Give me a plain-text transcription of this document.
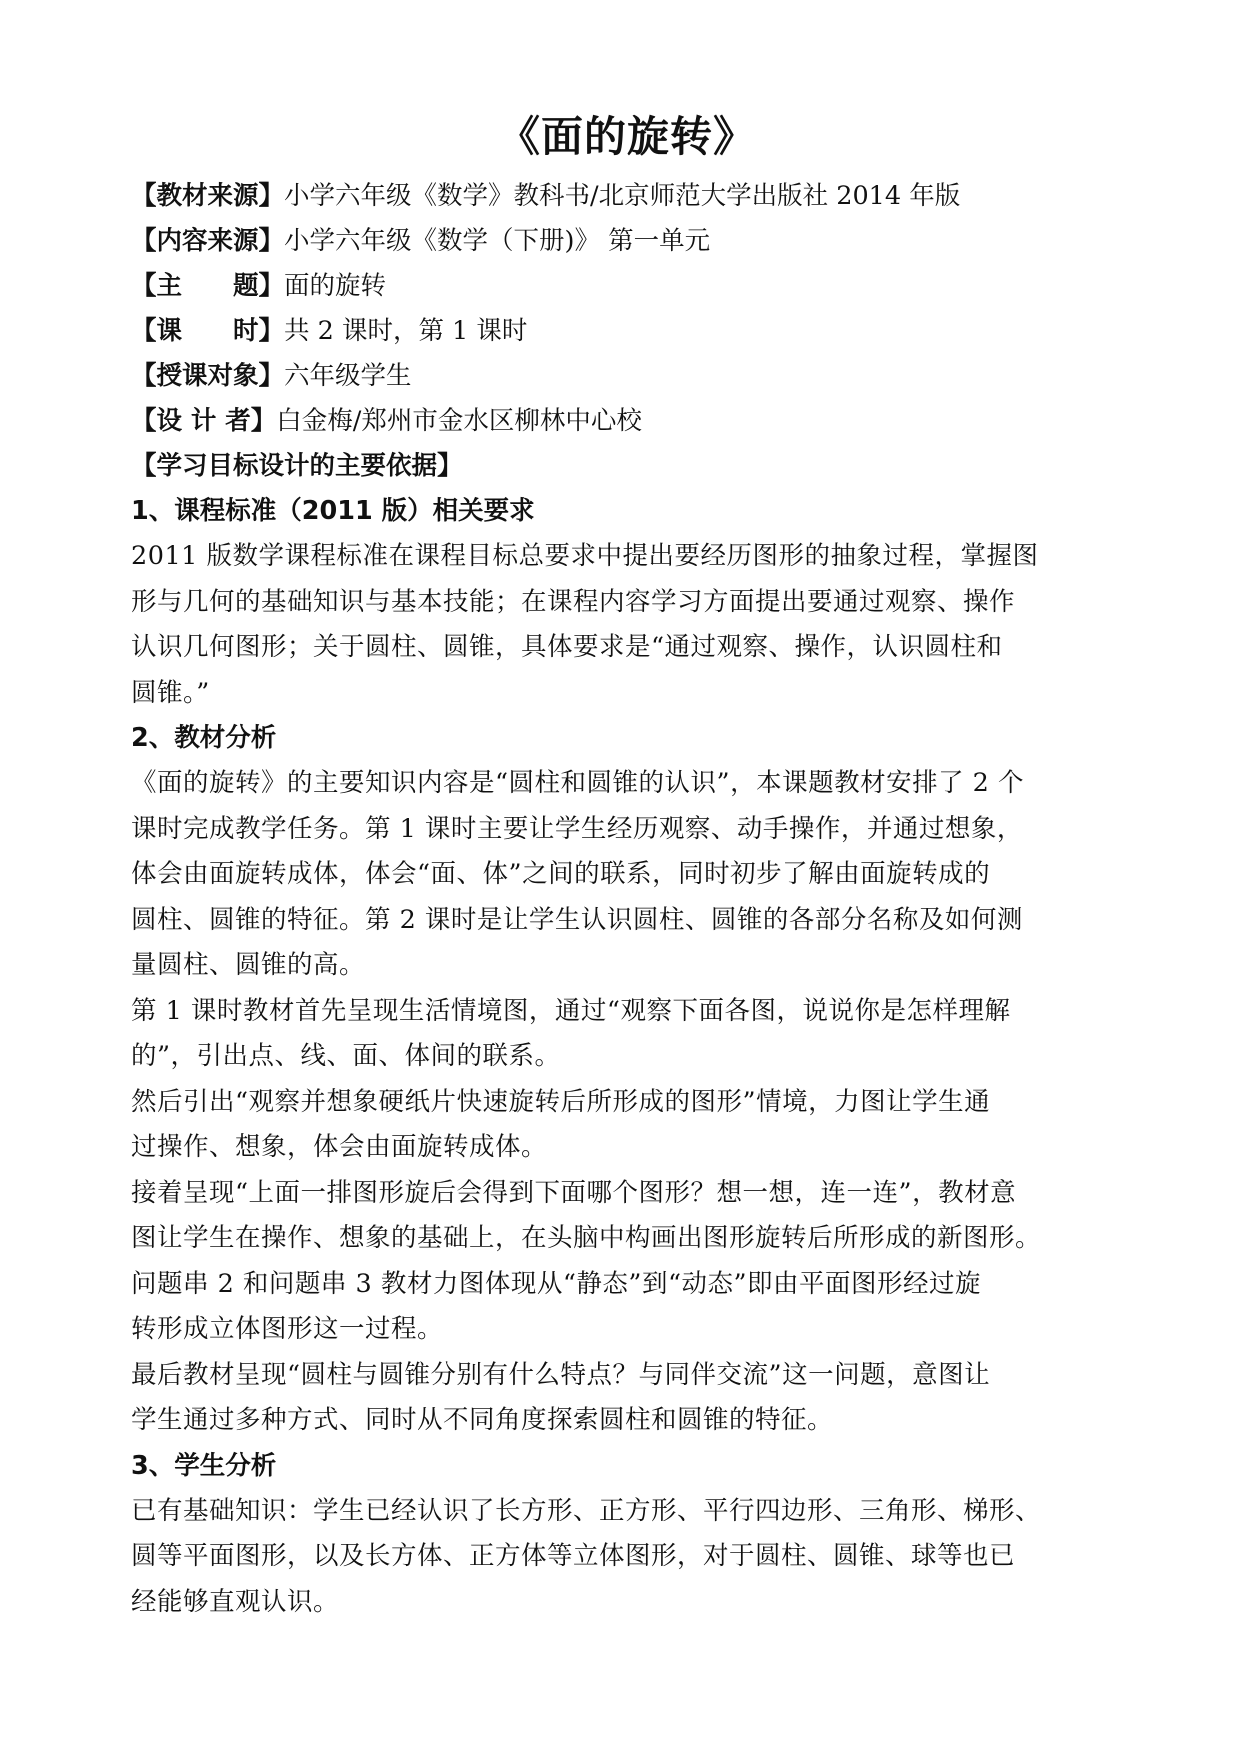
《面的旋转》
【教材来源】小学六年级《数学》教科书/北京师范大学出版社 2014 年版
【内容来源】小学六年级《数学（下册)》 第一单元
【主　　题】面的旋转
【课　　时】共 2 课时，第 1 课时
【授课对象】六年级学生
【设 计 者】白金梅/郑州市金水区柳林中心校
【学习目标设计的主要依据】
1、课程标准（2011 版）相关要求

2011 版数学课程标准在课程目标总要求中提出要经历图形的抽象过程，掌握图
形与几何的基础知识与基本技能；在课程内容学习方面提出要通过观察、操作
认识几何图形；关于圆柱、圆锥，具体要求是“通过观察、操作，认识圆柱和
圆锥。”

2、教材分析

《面的旋转》的主要知识内容是“圆柱和圆锥的认识”，本课题教材安排了 2 个
课时完成教学任务。第 1 课时主要让学生经历观察、动手操作，并通过想象，
体会由面旋转成体，体会“面、体”之间的联系，同时初步了解由面旋转成的
圆柱、圆锥的特征。第 2 课时是让学生认识圆柱、圆锥的各部分名称及如何测
量圆柱、圆锥的高。

第 1 课时教材首先呈现生活情境图，通过“观察下面各图，说说你是怎样理解
的”，引出点、线、面、体间的联系。

然后引出“观察并想象硬纸片快速旋转后所形成的图形”情境，力图让学生通
过操作、想象，体会由面旋转成体。

接着呈现“上面一排图形旋后会得到下面哪个图形？想一想，连一连”，教材意
图让学生在操作、想象的基础上，在头脑中构画出图形旋转后所形成的新图形。
问题串 2 和问题串 3 教材力图体现从“静态”到“动态”即由平面图形经过旋
转形成立体图形这一过程。

最后教材呈现“圆柱与圆锥分别有什么特点？与同伴交流”这一问题，意图让
学生通过多种方式、同时从不同角度探索圆柱和圆锥的特征。

3、学生分析

已有基础知识：学生已经认识了长方形、正方形、平行四边形、三角形、梯形、
圆等平面图形，以及长方体、正方体等立体图形，对于圆柱、圆锥、球等也已
经能够直观认识。
